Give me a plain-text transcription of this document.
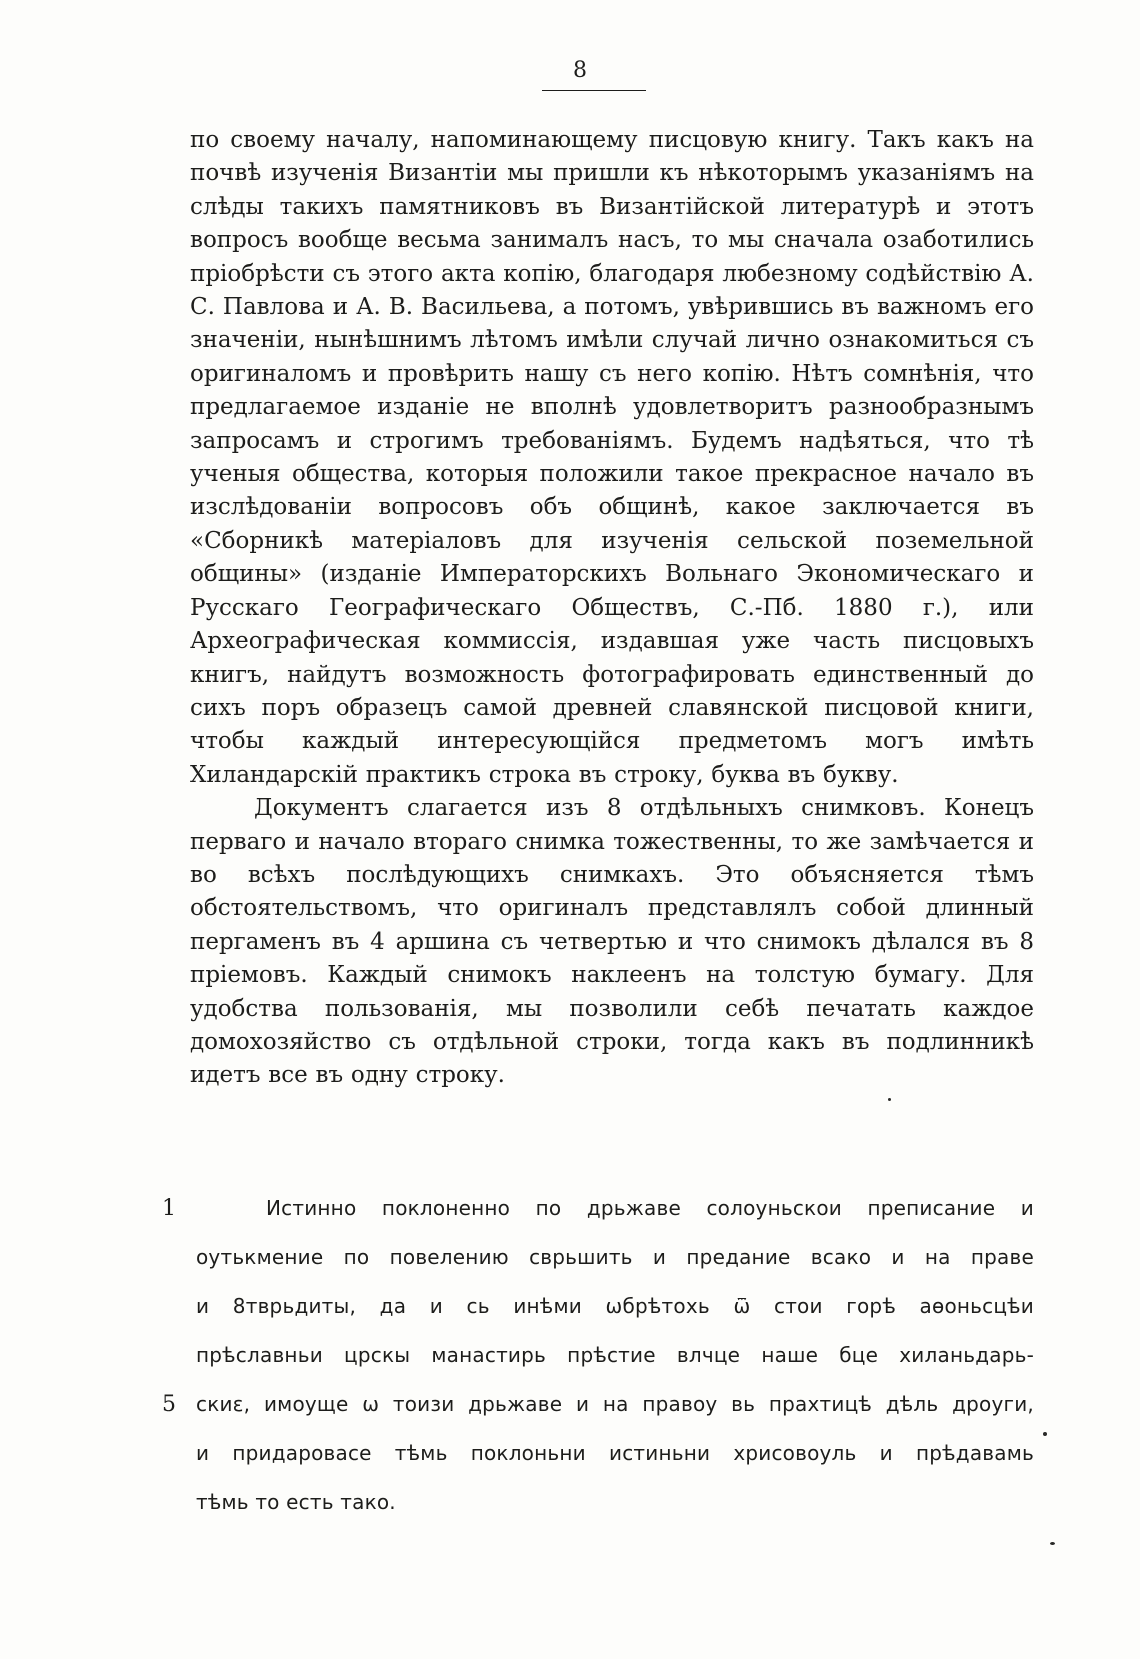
8

по своему началу, напоминающему писцовую книгу. Такъ какъ на почвѣ изученія Византіи мы пришли къ нѣкоторымъ указаніямъ на слѣды такихъ памятниковъ въ Византійской литературѣ и этотъ вопросъ вообще весьма занималъ насъ, то мы сначала озаботились пріобрѣсти съ этого акта копію, благодаря любезному содѣйствію А. С. Павлова и А. В. Васильева, а потомъ, увѣрившись въ важномъ его значеніи, нынѣшнимъ лѣтомъ имѣли случай лично ознакомиться съ оригиналомъ и провѣрить нашу съ него копію. Нѣтъ сомнѣнія, что предлагаемое изданіе не вполнѣ удовлетворитъ разнообразнымъ запросамъ и строгимъ требованіямъ. Будемъ надѣяться, что тѣ ученыя общества, которыя положили такое прекрасное начало въ изслѣдованіи вопросовъ объ общинѣ, какое заключается въ «Сборникѣ матеріаловъ для изученія сельской поземельной общины» (изданіе Императорскихъ Вольнаго Экономическаго и Русскаго Географическаго Обществъ, С.-Пб. 1880 г.), или Археографическая коммиссія, издавшая уже часть писцовыхъ книгъ, найдутъ возможность фотографировать единственный до сихъ поръ образецъ самой древней славянской писцовой книги, чтобы каждый интересующійся предметомъ могъ имѣть Хиландарскій практикъ строка въ строку, буква въ букву.

Документъ слагается изъ 8 отдѣльныхъ снимковъ. Конецъ перваго и начало втораго снимка тожественны, то же замѣчается и во всѣхъ послѣдующихъ снимкахъ. Это объясняется тѣмъ обстоятельствомъ, что оригиналъ представлялъ собой длинный пергаменъ въ 4 аршина съ четвертью и что снимокъ дѣлался въ 8 пріемовъ. Каждый снимокъ наклеенъ на толстую бумагу. Для удобства пользованія, мы позволили себѣ печатать каждое домохозяйство съ отдѣльной строки, тогда какъ въ подлинникѣ идетъ все въ одну строку.

1	Истинно поклоненно по дрьжаве солоуньскои преписание и
оутькмение по повелению сврьшить и предание всако и на праве
и 8тврьдиты, да и сь инѣми ѡбрѣтохь ѿ стои горѣ аѳоньсцѣи
прѣславньи црскы манастирь прѣстие влчце наше бце хиланьдарь-
5 скиε, имоуще ѡ тоизи дрьжаве и на правоу вь прахтицѣ дѣль дроуги,
и придаровасе тѣмь поклоньни истиньни хрисовоуль и прѣдавамь
тѣмь то есть тако.
